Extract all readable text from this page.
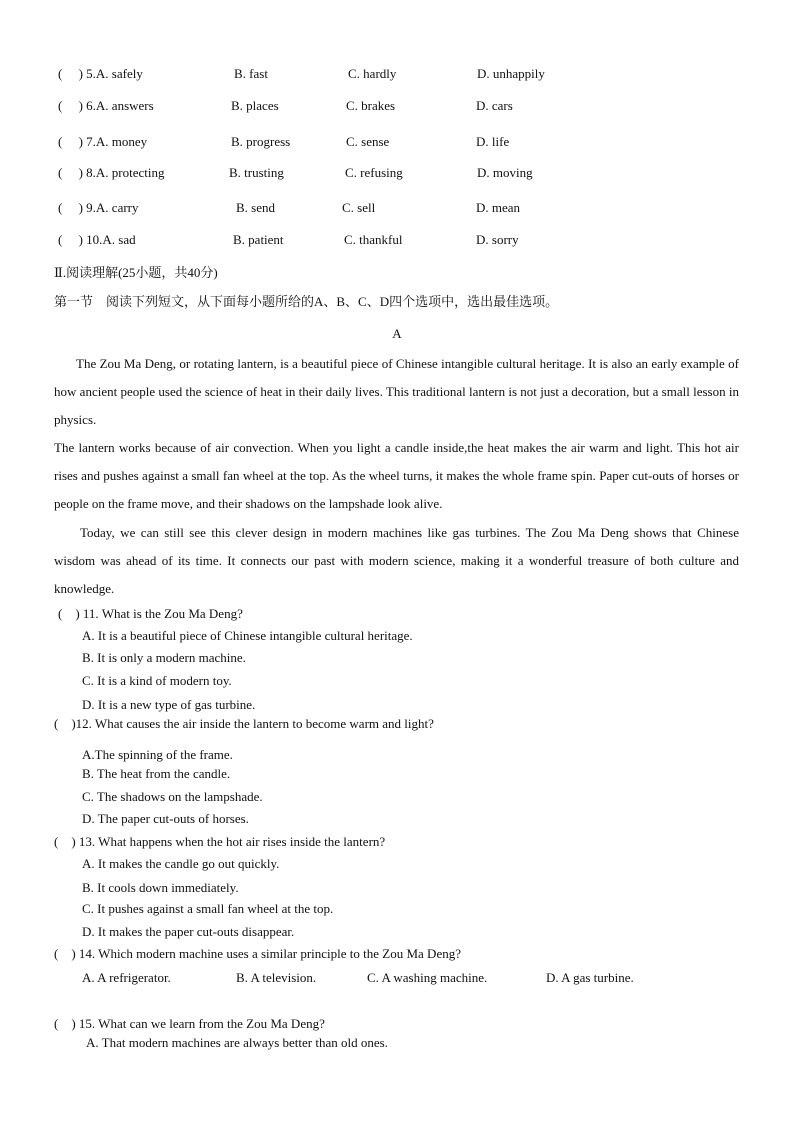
(     ) 5.A. safely	B. fast	C. hardly	D. unhappily
(     ) 6.A. answers	B. places	C. brakes	D. cars
(     ) 7.A. money	B. progress	C. sense	D. life
(     ) 8.A. protecting	B. trusting	C. refusing	D. moving
(     ) 9.A. carry	B. send	C. sell	D. mean
(     ) 10.A. sad	B. patient	C. thankful	D. sorry
Ⅱ.阅读理解(25小题，共40分)
第一节　阅读下列短文，从下面每小题所给的A、B、C、D四个选项中，选出最佳选项。
A
The Zou Ma Deng, or rotating lantern, is a beautiful piece of Chinese intangible cultural heritage. It is also an early example of how ancient people used the science of heat in their daily lives. This traditional lantern is not just a decoration, but a small lesson in physics.
The lantern works because of air convection. When you light a candle inside,the heat makes the air warm and light. This hot air rises and pushes against a small fan wheel at the top. As the wheel turns, it makes the whole frame spin. Paper cut-outs of horses or people on the frame move, and their shadows on the lampshade look alive.
Today, we can still see this clever design in modern machines like gas turbines. The Zou Ma Deng shows that Chinese wisdom was ahead of its time. It connects our past with modern science, making it a wonderful treasure of both culture and knowledge.
(    ) 11. What is the Zou Ma Deng?
A. It is a beautiful piece of Chinese intangible cultural heritage.
B. It is only a modern machine.
C. It is a kind of modern toy.
D. It is a new type of gas turbine.
(    )12. What causes the air inside the lantern to become warm and light?
A.The spinning of the frame.
B. The heat from the candle.
C. The shadows on the lampshade.
D. The paper cut-outs of horses.
(    ) 13. What happens when the hot air rises inside the lantern?
A. It makes the candle go out quickly.
B. It cools down immediately.
C. It pushes against a small fan wheel at the top.
D. It makes the paper cut-outs disappear.
(    ) 14. Which modern machine uses a similar principle to the Zou Ma Deng?
A. A refrigerator.	B. A television.	C. A washing machine.	D. A gas turbine.
(    ) 15. What can we learn from the Zou Ma Deng?
A. That modern machines are always better than old ones.
